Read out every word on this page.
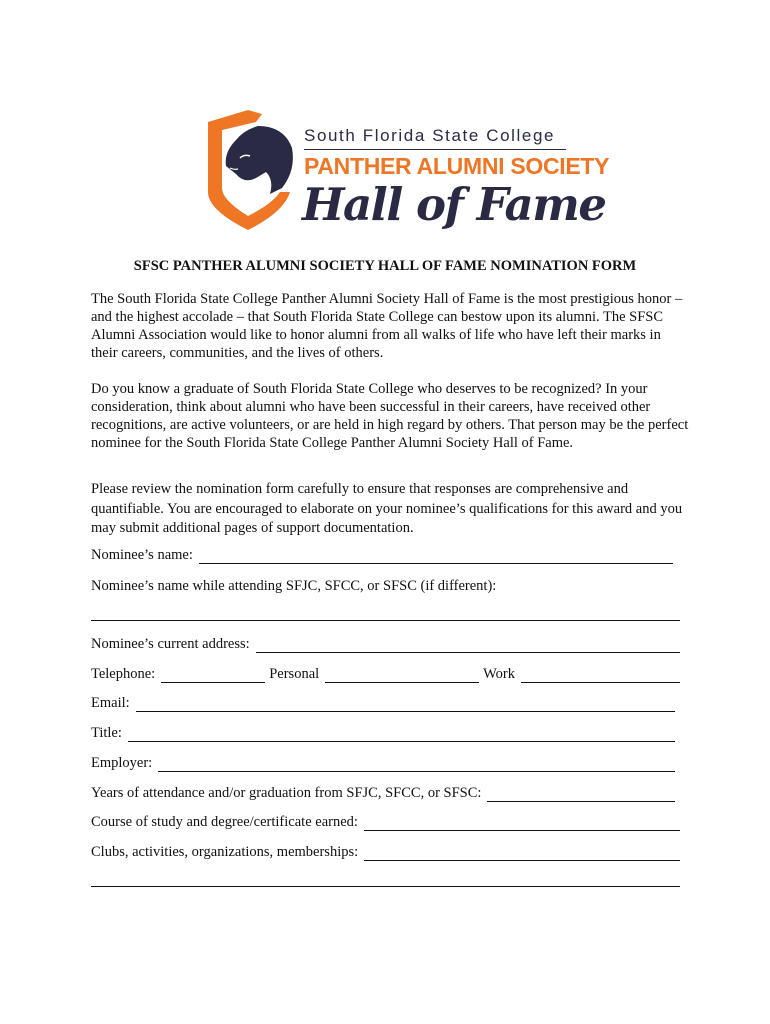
South Florida State College
PANTHER ALUMNI SOCIETY
Hall of Fame
SFSC PANTHER ALUMNI SOCIETY HALL OF FAME NOMINATION FORM

The South Florida State College Panther Alumni Society Hall of Fame is the most prestigious honor – and the highest accolade – that South Florida State College can bestow upon its alumni. The SFSC Alumni Association would like to honor alumni from all walks of life who have left their marks in their careers, communities, and the lives of others.

Do you know a graduate of South Florida State College who deserves to be recognized? In your consideration, think about alumni who have been successful in their careers, have received other recognitions, are active volunteers, or are held in high regard by others. That person may be the perfect nominee for the South Florida State College Panther Alumni Society Hall of Fame.

Please review the nomination form carefully to ensure that responses are comprehensive and quantifiable. You are encouraged to elaborate on your nominee’s qualifications for this award and you may submit additional pages of support documentation.

Nominee’s name:
Nominee’s name while attending SFJC, SFCC, or SFSC (if different):
Nominee’s current address:
Telephone:	Personal	Work
Email:
Title:
Employer:
Years of attendance and/or graduation from SFJC, SFCC, or SFSC:
Course of study and degree/certificate earned:
Clubs, activities, organizations, memberships:
